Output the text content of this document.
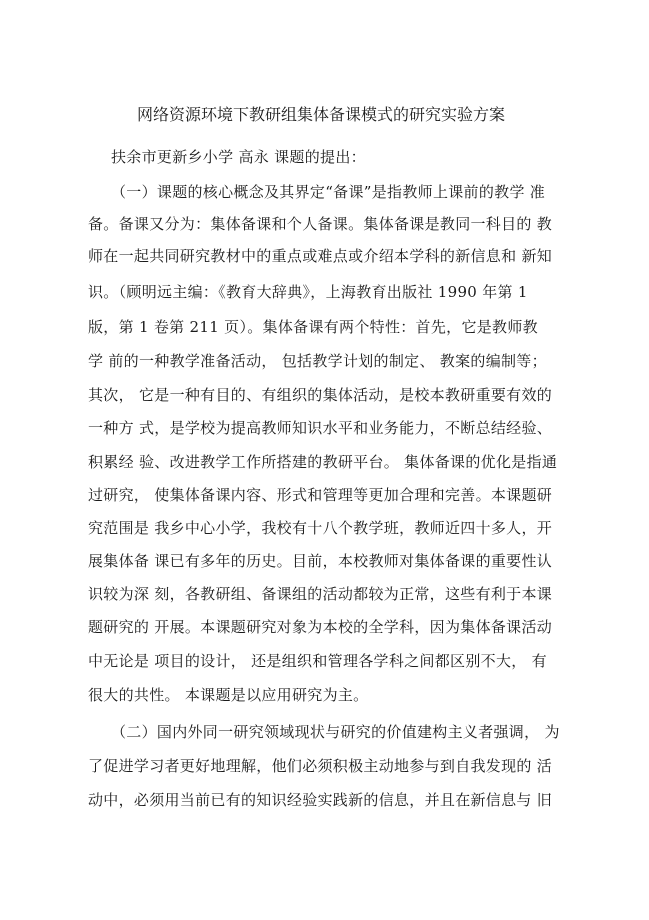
网络资源环境下教研组集体备课模式的研究实验方案
扶余市更新乡小学 高永 课题的提出：
（一）课题的核心概念及其界定“备课”是指教师上课前的教学 准
备。备课又分为：集体备课和个人备课。集体备课是教同一科目的 教
师在一起共同研究教材中的重点或难点或介绍本学科的新信息和 新知
识。（顾明远主编：《教育大辞典》，上海教育出版社 1990 年第 1
版，第 1 卷第 211 页）。集体备课有两个特性：首先，它是教师教
学 前的一种教学准备活动， 包括教学计划的制定、 教案的编制等；
其次， 它是一种有目的、有组织的集体活动，是校本教研重要有效的
一种方 式，是学校为提高教师知识水平和业务能力，不断总结经验、
积累经 验、改进教学工作所搭建的教研平台。 集体备课的优化是指通
过研究， 使集体备课内容、形式和管理等更加合理和完善。本课题研
究范围是 我乡中心小学，我校有十八个教学班，教师近四十多人，开
展集体备 课已有多年的历史。目前，本校教师对集体备课的重要性认
识较为深 刻，各教研组、备课组的活动都较为正常，这些有利于本课
题研究的 开展。本课题研究对象为本校的全学科，因为集体备课活动
中无论是 项目的设计， 还是组织和管理各学科之间都区别不大， 有
很大的共性。 本课题是以应用研究为主。
（二）国内外同一研究领域现状与研究的价值建构主义者强调， 为
了促进学习者更好地理解，他们必须积极主动地参与到自我发现的 活
动中，必须用当前已有的知识经验实践新的信息，并且在新信息与 旧
